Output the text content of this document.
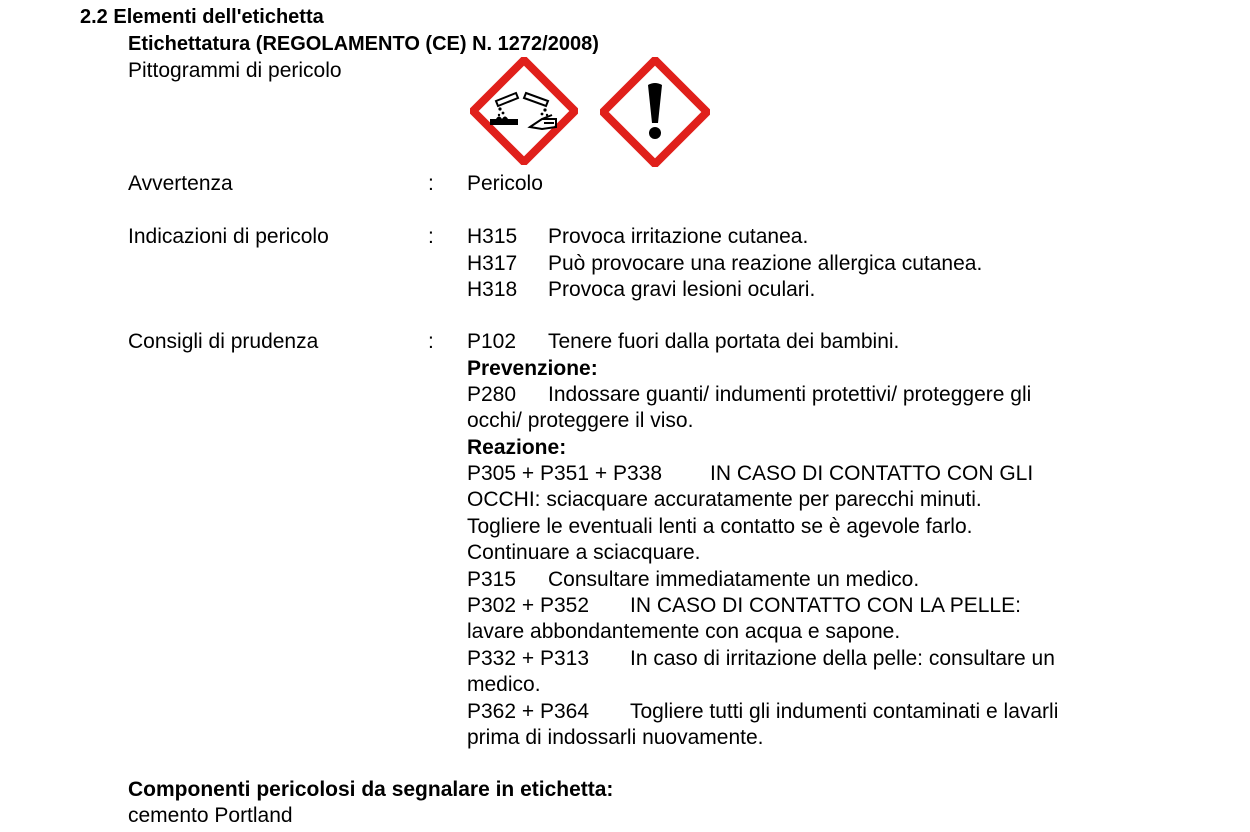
2.2 Elementi dell'etichetta
Etichettatura (REGOLAMENTO (CE) N. 1272/2008)
Pittogrammi di pericolo
Avvertenza	: Pericolo
Indicazioni di pericolo	: H315	Provoca irritazione cutanea.
H317	Può provocare una reazione allergica cutanea.
H318	Provoca gravi lesioni oculari.
Consigli di prudenza	: P102	Tenere fuori dalla portata dei bambini.
Prevenzione:
P280	Indossare guanti/ indumenti protettivi/ proteggere gli
occhi/ proteggere il viso.
Reazione:
P305 + P351 + P338	IN CASO DI CONTATTO CON GLI
OCCHI: sciacquare accuratamente per parecchi minuti.
Togliere le eventuali lenti a contatto se è agevole farlo.
Continuare a sciacquare.
P315	Consultare immediatamente un medico.
P302 + P352	IN CASO DI CONTATTO CON LA PELLE:
lavare abbondantemente con acqua e sapone.
P332 + P313	In caso di irritazione della pelle: consultare un
medico.
P362 + P364	Togliere tutti gli indumenti contaminati e lavarli
prima di indossarli nuovamente.
Componenti pericolosi da segnalare in etichetta:
cemento Portland
